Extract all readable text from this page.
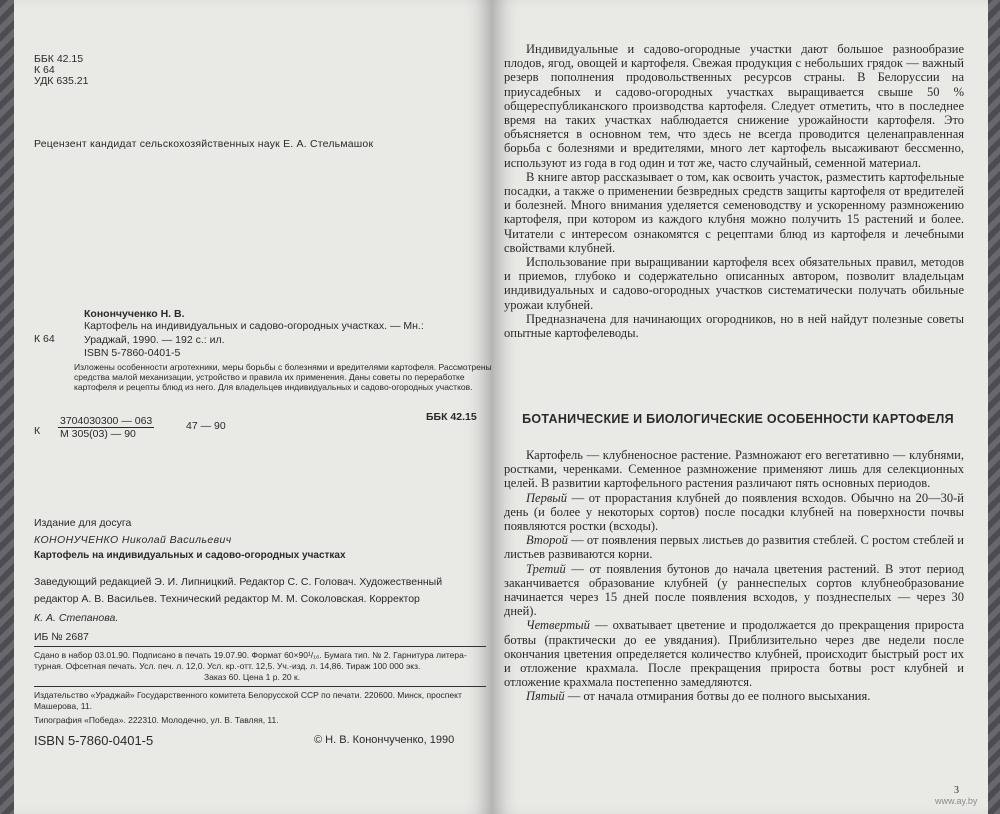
ББК 42.15
К 64
УДК 635.21
Рецензент кандидат сельскохозяйственных наук Е. А. Стельмашок
Конончученко Н. В.
Картофель на индивидуальных и садово-огородных участках. — Мн.:
К 64	Ураджай, 1990. — 192 с.: ил.
ISBN 5-7860-0401-5
Изложены особенности агротехники, меры борьбы с болезнями и вредителями картофеля. Рассмотрены средства малой механизации, устройство и правила их применения. Даны советы по переработке картофеля и рецепты блюд из него. Для владельцев индивидуальных и садово-огородных участков.
ББК 42.15
К
3704030300 — 063
М 305(03) — 90
47 — 90
Издание для досуга
КОНОНУЧЕНКО Николай Васильевич
Картофель на индивидуальных и садово-огородных участках
Заведующий редакцией Э. И. Липницкий. Редактор С. С. Головач. Художественный редактор А. В. Васильев. Технический редактор М. М. Соколовская. Корректор
К. А. Степанова.
ИБ № 2687
Сдано в набор 03.01.90. Подписано в печать 19.07.90. Формат 60×90¹/₁₆. Бумага тип. № 2. Гарнитура литера-
турная. Офсетная печать. Усл. печ. л. 12,0. Усл. кр.-отт. 12,5. Уч.-изд. л. 14,86. Тираж 100 000 экз.
Заказ 60. Цена 1 р. 20 к.
Издательство «Ураджай» Государственного комитета Белорусской ССР по печати. 220600. Минск, проспект
Машерова, 11.
Типография «Победа». 222310. Молодечно, ул. В. Тавляя, 11.
ISBN 5-7860-0401-5	© Н. В. Конончученко, 1990

Индивидуальные и садово-огородные участки дают большое разнообразие плодов, ягод, овощей и картофеля. Свежая продукция с небольших грядок — важный резерв пополнения продовольственных ресурсов страны. В Белоруссии на приусадебных и садово-огородных участках выращивается свыше 50 % общереспубликанского производства картофеля. Следует отметить, что в последнее время на таких участках наблюдается снижение урожайности картофеля. Это объясняется в основном тем, что здесь не всегда проводится целенаправленная борьба с болезнями и вредителями, много лет картофель высаживают бессменно, используют из года в год один и тот же, часто случайный, семенной материал.

В книге автор рассказывает о том, как освоить участок, разместить картофельные посадки, а также о применении безвредных средств защиты картофеля от вредителей и болезней. Много внимания уделяется семеноводству и ускоренному размножению картофеля, при котором из каждого клубня можно получить 15 растений и более. Читатели с интересом ознакомятся с рецептами блюд из картофеля и лечебными свойствами клубней.

Использование при выращивании картофеля всех обязательных правил, методов и приемов, глубоко и содержательно описанных автором, позволит владельцам индивидуальных и садово-огородных участков систематически получать обильные урожаи клубней.

Предназначена для начинающих огородников, но в ней найдут полезные советы опытные картофелеводы.

БОТАНИЧЕСКИЕ И БИОЛОГИЧЕСКИЕ ОСОБЕННОСТИ КАРТОФЕЛЯ

Картофель — клубненосное растение. Размножают его вегетативно — клубнями, ростками, черенками. Семенное размножение применяют лишь для селекционных целей. В развитии картофельного растения различают пять основных периодов.

Первый — от прорастания клубней до появления всходов. Обычно на 20—30-й день (и более у некоторых сортов) после посадки клубней на поверхности почвы появляются ростки (всходы).

Второй — от появления первых листьев до развития стеблей. С ростом стеблей и листьев развиваются корни.

Третий — от появления бутонов до начала цветения растений. В этот период заканчивается образование клубней (у раннеспелых сортов клубнеобразование начинается через 15 дней после появления всходов, у позднеспелых — через 30 дней).

Четвертый — охватывает цветение и продолжается до прекращения прироста ботвы (практически до ее увядания). Приблизительно через две недели после окончания цветения определяется количество клубней, происходит быстрый рост их и отложение крахмала. После прекращения прироста ботвы рост клубней и отложение крахмала постепенно замедляются.

Пятый — от начала отмирания ботвы до ее полного высыхания.

3
www.ay.by
